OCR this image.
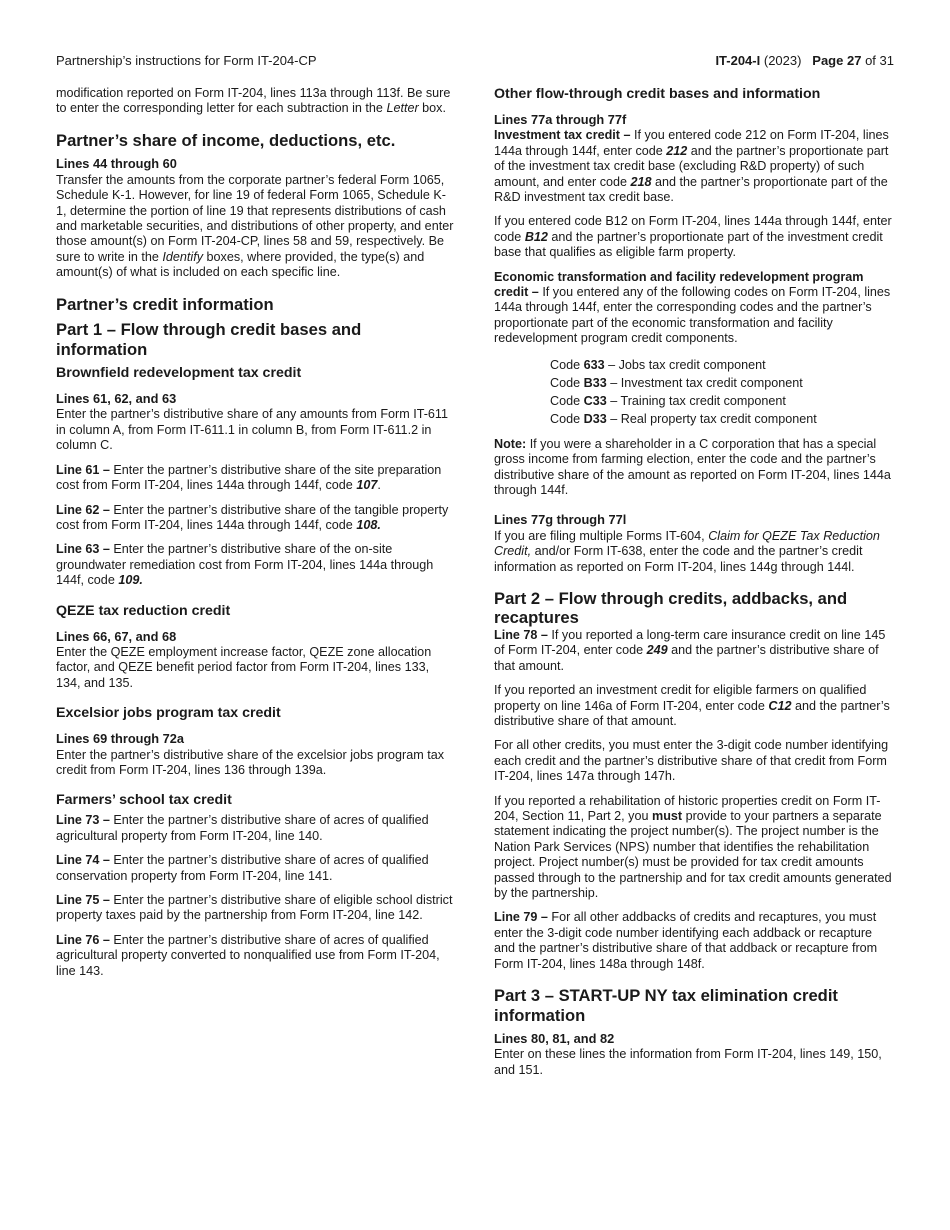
Partnership’s instructions for Form IT-204-CP	IT-204-I (2023) Page 27 of 31

modification reported on Form IT-204, lines 113a through 113f. Be sure to enter the corresponding letter for each subtraction in the Letter box.

Partner’s share of income, deductions, etc.
Lines 44 through 60

Transfer the amounts from the corporate partner’s federal Form 1065, Schedule K-1. However, for line 19 of federal Form 1065, Schedule K-1, determine the portion of line 19 that represents distributions of cash and marketable securities, and distributions of other property, and enter those amount(s) on Form IT-204-CP, lines 58 and 59, respectively. Be sure to write in the Identify boxes, where provided, the type(s) and amount(s) of what is included on each specific line.

Partner’s credit information
Part 1 – Flow through credit bases and information
Brownfield redevelopment tax credit
Lines 61, 62, and 63

Enter the partner’s distributive share of any amounts from Form IT-611 in column A, from Form IT-611.1 in column B, from Form IT-611.2 in column C.

Line 61 – Enter the partner’s distributive share of the site preparation cost from Form IT-204, lines 144a through 144f, code 107.

Line 62 – Enter the partner’s distributive share of the tangible property cost from Form IT-204, lines 144a through 144f, code 108.

Line 63 – Enter the partner’s distributive share of the on-site groundwater remediation cost from Form IT-204, lines 144a through 144f, code 109.

QEZE tax reduction credit
Lines 66, 67, and 68

Enter the QEZE employment increase factor, QEZE zone allocation factor, and QEZE benefit period factor from Form IT-204, lines 133, 134, and 135.

Excelsior jobs program tax credit
Lines 69 through 72a

Enter the partner’s distributive share of the excelsior jobs program tax credit from Form IT-204, lines 136 through 139a.

Farmers’ school tax credit

Line 73 – Enter the partner’s distributive share of acres of qualified agricultural property from Form IT-204, line 140.

Line 74 – Enter the partner’s distributive share of acres of qualified conservation property from Form IT-204, line 141.

Line 75 – Enter the partner’s distributive share of eligible school district property taxes paid by the partnership from Form IT-204, line 142.

Line 76 – Enter the partner’s distributive share of acres of qualified agricultural property converted to nonqualified use from Form IT-204, line 143.

Other flow-through credit bases and information
Lines 77a through 77f

Investment tax credit – If you entered code 212 on Form IT-204, lines 144a through 144f, enter code 212 and the partner’s proportionate part of the investment tax credit base (excluding R&D property) of such amount, and enter code 218 and the partner’s proportionate part of the R&D investment tax credit base.

If you entered code B12 on Form IT-204, lines 144a through 144f, enter code B12 and the partner’s proportionate part of the investment credit base that qualifies as eligible farm property.

Economic transformation and facility redevelopment program credit – If you entered any of the following codes on Form IT-204, lines 144a through 144f, enter the corresponding codes and the partner’s proportionate part of the economic transformation and facility redevelopment program credit components.

Code 633 – Jobs tax credit component
Code B33 – Investment tax credit component
Code C33 – Training tax credit component
Code D33 – Real property tax credit component

Note: If you were a shareholder in a C corporation that has a special gross income from farming election, enter the code and the partner’s distributive share of the amount as reported on Form IT-204, lines 144a through 144f.

Lines 77g through 77l

If you are filing multiple Forms IT-604, Claim for QEZE Tax Reduction Credit, and/or Form IT-638, enter the code and the partner’s credit information as reported on Form IT-204, lines 144g through 144l.

Part 2 – Flow through credits, addbacks, and recaptures

Line 78 – If you reported a long-term care insurance credit on line 145 of Form IT-204, enter code 249 and the partner’s distributive share of that amount.

If you reported an investment credit for eligible farmers on qualified property on line 146a of Form IT-204, enter code C12 and the partner’s distributive share of that amount.

For all other credits, you must enter the 3-digit code number identifying each credit and the partner’s distributive share of that credit from Form IT-204, lines 147a through 147h.

If you reported a rehabilitation of historic properties credit on Form IT-204, Section 11, Part 2, you must provide to your partners a separate statement indicating the project number(s). The project number is the Nation Park Services (NPS) number that identifies the rehabilitation project. Project number(s) must be provided for tax credit amounts passed through to the partnership and for tax credit amounts generated by the partnership.

Line 79 – For all other addbacks of credits and recaptures, you must enter the 3-digit code number identifying each addback or recapture and the partner’s distributive share of that addback or recapture from Form IT-204, lines 148a through 148f.

Part 3 – START-UP NY tax elimination credit information
Lines 80, 81, and 82

Enter on these lines the information from Form IT-204, lines 149, 150, and 151.
